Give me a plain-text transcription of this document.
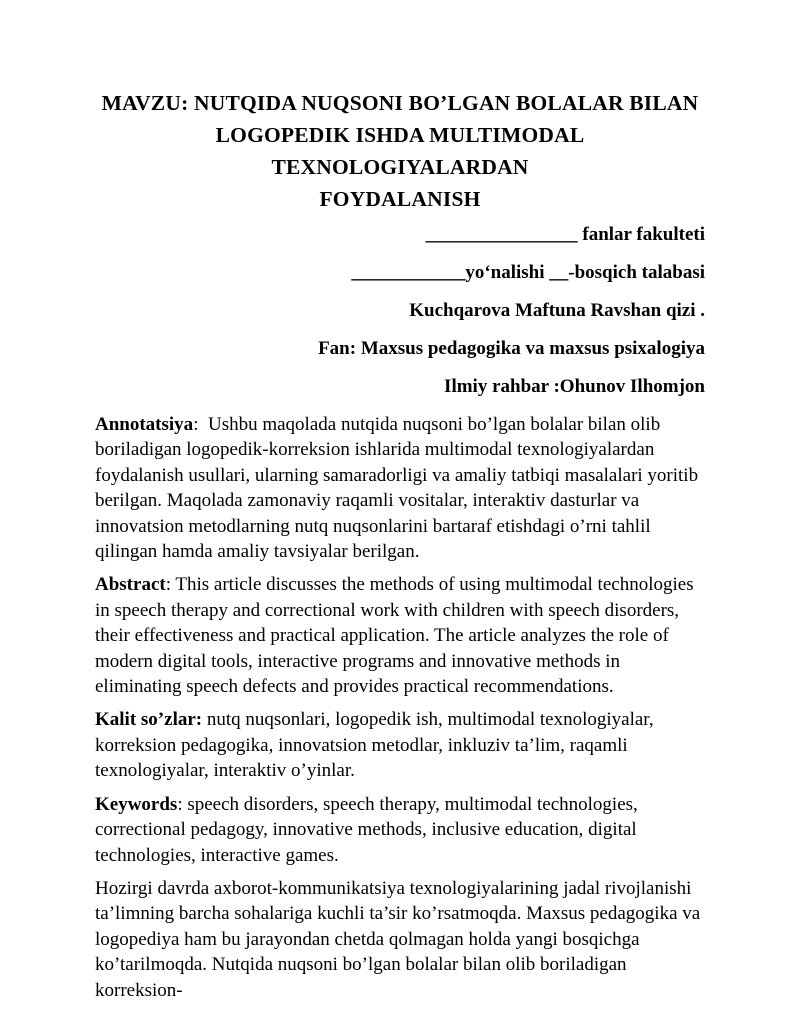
MAVZU: NUTQIDA NUQSONI BO’LGAN BOLALAR BILAN
LOGOPEDIK ISHDA MULTIMODAL TEXNOLOGIYALARDAN
FOYDALANISH
________________ fanlar fakulteti
____________yo‘nalishi __-bosqich talabasi
Kuchqarova Maftuna Ravshan qizi .
Fan: Maxsus pedagogika va maxsus psixalogiya
Ilmiy rahbar :Ohunov Ilhomjon

Annotatsiya:  Ushbu maqolada nutqida nuqsoni bo’lgan bolalar bilan olib boriladigan logopedik-korreksion ishlarida multimodal texnologiyalardan foydalanish usullari, ularning samaradorligi va amaliy tatbiqi masalalari yoritib berilgan. Maqolada zamonaviy raqamli vositalar, interaktiv dasturlar va innovatsion metodlarning nutq nuqsonlarini bartaraf etishdagi o’rni tahlil qilingan hamda amaliy tavsiyalar berilgan.

Abstract: This article discusses the methods of using multimodal technologies in speech therapy and correctional work with children with speech disorders, their effectiveness and practical application. The article analyzes the role of modern digital tools, interactive programs and innovative methods in eliminating speech defects and provides practical recommendations.

Kalit so’zlar: nutq nuqsonlari, logopedik ish, multimodal texnologiyalar, korreksion pedagogika, innovatsion metodlar, inkluziv ta’lim, raqamli texnologiyalar, interaktiv o’yinlar.

Keywords: speech disorders, speech therapy, multimodal technologies, correctional pedagogy, innovative methods, inclusive education, digital technologies, interactive games.

Hozirgi davrda axborot-kommunikatsiya texnologiyalarining jadal rivojlanishi ta’limning barcha sohalariga kuchli ta’sir ko’rsatmoqda. Maxsus pedagogika va logopediya ham bu jarayondan chetda qolmagan holda yangi bosqichga ko’tarilmoqda. Nutqida nuqsoni bo’lgan bolalar bilan olib boriladigan korreksion-
